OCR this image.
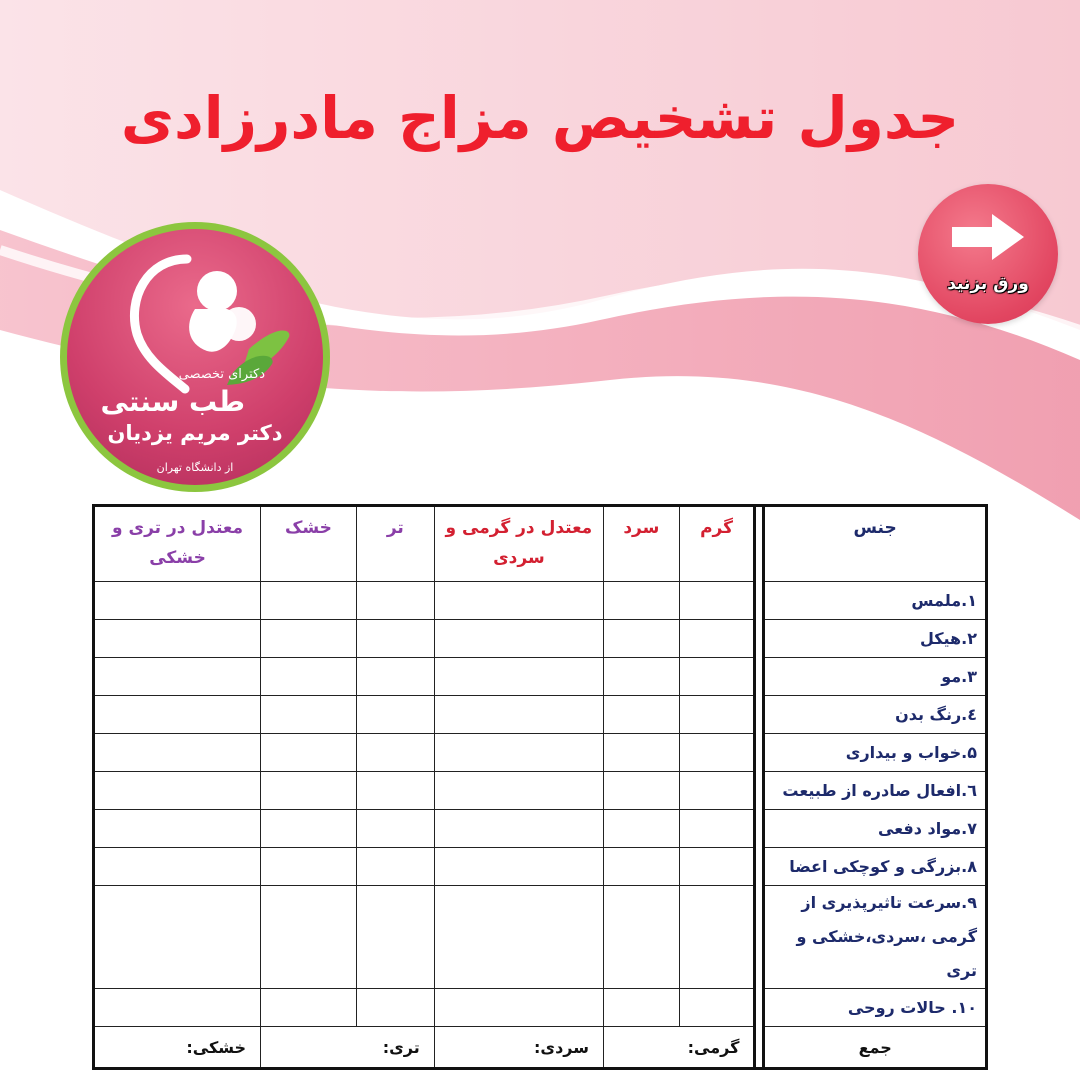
جدول تشخیص مزاج مادرزادی
ورق بزنید
دکترای تخصصی
طب سنتی
دکتر مریم یزدیان
از دانشگاه تهران
جنس		گرم	سرد	معتدل در گرمی و سردی	تر	خشک	معتدل در تری و خشکی
۱.ملمس							
۲.هیکل							
۳.مو							
٤.رنگ بدن							
۵.خواب و بیداری							
٦.افعال صادره از طبیعت							
۷.مواد دفعی							
۸.بزرگی و کوچکی اعضا							
۹.سرعت تاثیرپذیری از گرمی ،سردی،خشکی و تری							
۱۰. حالات روحی							
جمع		گرمی:		سردی:	تری:		خشکی:
